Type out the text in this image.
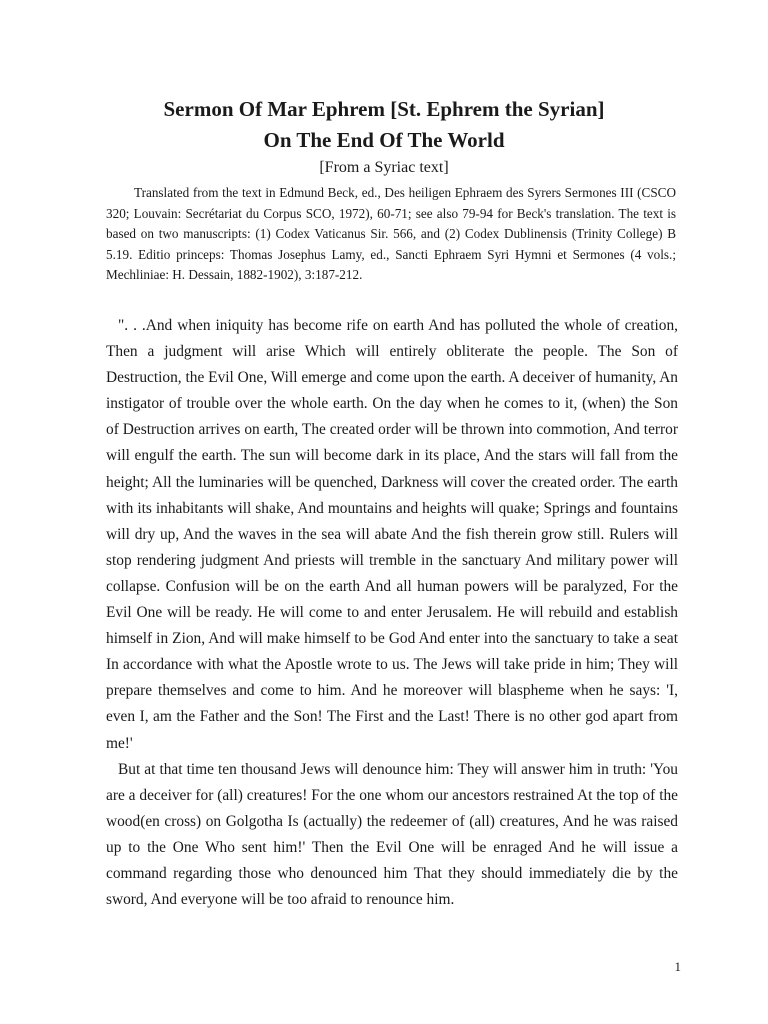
Sermon Of Mar Ephrem [St. Ephrem the Syrian]
On The End Of The World
[From a Syriac text]

Translated from the text in Edmund Beck, ed., Des heiligen Ephraem des Syrers Sermones III (CSCO 320; Louvain: Secrétariat du Corpus SCO, 1972), 60-71; see also 79-94 for Beck's translation. The text is based on two manuscripts: (1) Codex Vaticanus Sir. 566, and (2) Codex Dublinensis (Trinity College) B 5.19. Editio princeps: Thomas Josephus Lamy, ed., Sancti Ephraem Syri Hymni et Sermones (4 vols.; Mechliniae: H. Dessain, 1882-1902), 3:187-212.

". . .And when iniquity has become rife on earth And has polluted the whole of creation, Then a judgment will arise Which will entirely obliterate the people. The Son of Destruction, the Evil One, Will emerge and come upon the earth. A deceiver of humanity, An instigator of trouble over the whole earth. On the day when he comes to it, (when) the Son of Destruction arrives on earth, The created order will be thrown into commotion, And terror will engulf the earth. The sun will become dark in its place, And the stars will fall from the height; All the luminaries will be quenched, Darkness will cover the created order. The earth with its inhabitants will shake, And mountains and heights will quake; Springs and fountains will dry up, And the waves in the sea will abate And the fish therein grow still. Rulers will stop rendering judgment And priests will tremble in the sanctuary And military power will collapse. Confusion will be on the earth And all human powers will be paralyzed, For the Evil One will be ready. He will come to and enter Jerusalem. He will rebuild and establish himself in Zion, And will make himself to be God And enter into the sanctuary to take a seat In accordance with what the Apostle wrote to us. The Jews will take pride in him; They will prepare themselves and come to him. And he moreover will blaspheme when he says: 'I, even I, am the Father and the Son! The First and the Last! There is no other god apart from me!'

But at that time ten thousand Jews will denounce him: They will answer him in truth: 'You are a deceiver for (all) creatures! For the one whom our ancestors restrained At the top of the wood(en cross) on Golgotha Is (actually) the redeemer of (all) creatures, And he was raised up to the One Who sent him!' Then the Evil One will be enraged And he will issue a command regarding those who denounced him That they should immediately die by the sword, And everyone will be too afraid to renounce him.

1
